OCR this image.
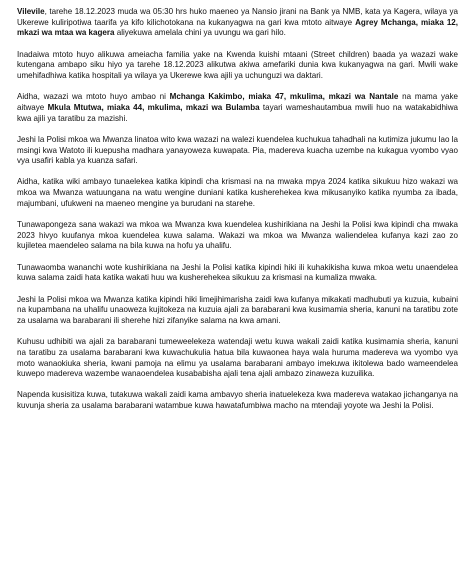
Vilevile, tarehe 18.12.2023 muda wa 05:30 hrs huko maeneo ya Nansio jirani na Bank ya NMB, kata ya Kagera, wilaya ya Ukerewe kuliripotiwa taarifa ya kifo kilichotokana na kukanyagwa na gari kwa mtoto aitwaye Agrey Mchanga, miaka 12, mkazi wa mtaa wa kagera aliyekuwa amelala chini ya uvungu wa gari hilo.

Inadaiwa mtoto huyo alikuwa ameiacha familia yake na Kwenda kuishi mtaani (Street children) baada ya wazazi wake kutengana ambapo siku hiyo ya tarehe 18.12.2023 alikutwa akiwa amefariki dunia kwa kukanyagwa na gari. Mwili wake umehifadhiwa katika hospitali ya wilaya ya Ukerewe kwa ajili ya uchunguzi wa daktari.

Aidha, wazazi wa mtoto huyo ambao ni Mchanga Kakimbo, miaka 47, mkulima, mkazi wa Nantale na mama yake aitwaye Mkula Mtutwa, miaka 44, mkulima, mkazi wa Bulamba tayari wameshautambua mwili huo na watakabidhiwa kwa ajili ya taratibu za mazishi.

Jeshi la Polisi mkoa wa Mwanza linatoa wito kwa wazazi na walezi kuendelea kuchukua tahadhali na kutimiza jukumu lao la msingi kwa Watoto ili kuepusha madhara yanayoweza kuwapata. Pia, madereva kuacha uzembe na kukagua vyombo vyao vya usafiri kabla ya kuanza safari.

Aidha, katika wiki ambayo tunaelekea katika kipindi cha krismasi na na mwaka mpya 2024 katika sikukuu hizo wakazi wa mkoa wa Mwanza watuungana na watu wengine duniani katika kusherehekea kwa mikusanyiko katika nyumba za ibada, majumbani, ufukweni na maeneo mengine ya burudani na starehe.

Tunawapongeza sana wakazi wa mkoa wa Mwanza kwa kuendelea kushirikiana na Jeshi la Polisi kwa kipindi cha mwaka 2023 hivyo kuufanya mkoa kuendelea kuwa salama. Wakazi wa mkoa wa Mwanza waliendelea kufanya kazi zao zo kujiletea maendeleo salama na bila kuwa na hofu ya uhalifu.

Tunawaomba wananchi wote kushirikiana na Jeshi la Polisi katika kipindi hiki ili kuhakikisha kuwa mkoa wetu unaendelea kuwa salama zaidi hata katika wakati huu wa kusherehekea sikukuu za krismasi na kumaliza mwaka.

Jeshi la Polisi mkoa wa Mwanza katika kipindi hiki limejihimarisha zaidi kwa kufanya mikakati madhubuti ya kuzuia, kubaini na kupambana na uhalifu unaoweza kujitokeza na kuzuia ajali za barabarani kwa kusimamia sheria, kanuni na taratibu zote za usalama wa barabarani ili sherehe hizi zifanyike salama na kwa amani.

Kuhusu udhibiti wa ajali za barabarani tumeweelekeza watendaji wetu kuwa wakali zaidi katika kusimamia sheria, kanuni na taratibu za usalama barabarani kwa kuwachukulia hatua bila kuwaonea haya wala huruma madereva wa vyombo vya moto wanaokiuka sheria, kwani pamoja na elimu ya usalama barabarani ambayo imekuwa ikitolewa bado wameendelea kuwepo madereva wazembe wanaoendelea kusababisha ajali tena ajali ambazo zinaweza kuzuilika.

Napenda kusisitiza kuwa, tutakuwa wakali zaidi kama ambavyo sheria inatuelekeza kwa madereva watakao jichanganya na kuvunja sheria za usalama barabarani watambue kuwa hawatafumbiwa macho na mtendaji yoyote wa Jeshi la Polisi.
